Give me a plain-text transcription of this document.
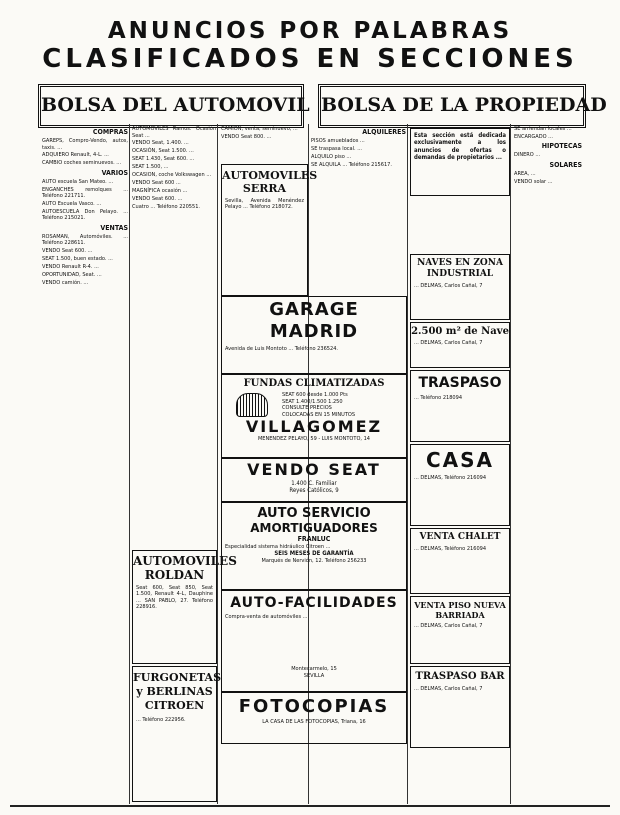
ANUNCIOS POR PALABRAS
CLASIFICADOS EN SECCIONES
BOLSA DEL AUTOMOVIL BOLSA DE LA PROPIEDAD
COMPRAS

GAREPS, Compro-Vendo, autos, taxis. ...

ADQUIERO Renault, 4-L. ...

CAMBIO coches seminuevos. ...

VARIOS

AUTO escuela San Mateo. ...

ENGANCHES remolques ... Teléfono 221711.

AUTO Escuela Vasco. ...

AUTOESCUELA Don Pelayo. ... Teléfono 215021.

VENTAS

ROSAMAN, Automóviles. ... Teléfono 228611.

VENDO Seat 600. ...

SEAT 1.500, buen estado. ...

VENDO Renault R-4. ...

OPORTUNIDAD, Seat. ...

VENDO camión. ...

AUTOMOVILES Ramos. Ocasión Seat ...

VENDO Seat, 1.400. ...

OCASIÓN, Seat 1.500. ...

SEAT 1.430, Seat 600. ...

SEAT 1.500, ...

OCASION, coche Volkswagen ...

VENDO Seat 600 ...

MAGNÍFICA ocasión ...

VENDO Seat 600. ...

Cuatro ... Teléfono 220551.

CAMIÓN, venta, seminuevo, ...

VENDO Seat 800. ...

AUTOMOVILES SERRA
Sevilla, Avenida Menéndez Pelayo ... Teléfono 218072.
AUTOMOVILES ROLDAN
Seat 600, Seat 850, Seat 1.500, Renault 4-L, Dauphine ... SAN PABLO, 27. Teléfono 228916.
FURGONETAS y BERLINAS CITROEN
... Teléfono 222956.
GARAGE MADRID
Avenida de Luis Montoto ... Teléfono 236524.
FUNDAS CLIMATIZADAS
SEAT 600 desde 1.000 Pts
SEAT 1.400/1.500 1.250
CONSULTE PRECIOS
COLOCADAS EN 15 MINUTOS
VILLAGOMEZ
MENENDEZ PELAYO, 59 - LUIS MONTOTO, 14
VENDO SEAT
1.400 C. Familiar
Reyes Católicos, 9
AUTO SERVICIO
AMORTIGUADORES
FRANLUC
Especialidad sistema hidráulico Citroen ...
SEIS MESES DE GARANTÍA
Marqués de Nervión, 12. Teléfono 256233
AUTO-FACILIDADES
Compra-venta de automóviles ...
Montecarmelo, 15
SEVILLA
FOTOCOPIAS
LA CASA DE LAS FOTOCOPIAS, Triana, 16
ALQUILERES

PISOS amueblados ...

SE traspasa local. ...

ALQUILO piso ...

SE ALQUILA ... Teléfono 215617.

Esta sección está dedicada exclusivamente a los anuncios de ofertas o demandas de propietarios ...
NAVES EN ZONA INDUSTRIAL
... DELMAS, Carlos Cañal, 7
2.500 m² de Nave
... DELMAS, Carlos Cañal, 7
TRASPASO
... Teléfono 218094
CASA
... DELMAS, Teléfono 216094
VENTA CHALET
... DELMAS, Teléfono 216094
VENTA PISO NUEVA BARRIADA
... DELMAS, Carlos Cañal, 7
TRASPASO BAR
... DELMAS, Carlos Cañal, 7

SE arriendan locales ...

ENCARGADO ...

HIPOTECAS

DINERO ...

SOLARES

AREA, ...

VENDO solar ...
